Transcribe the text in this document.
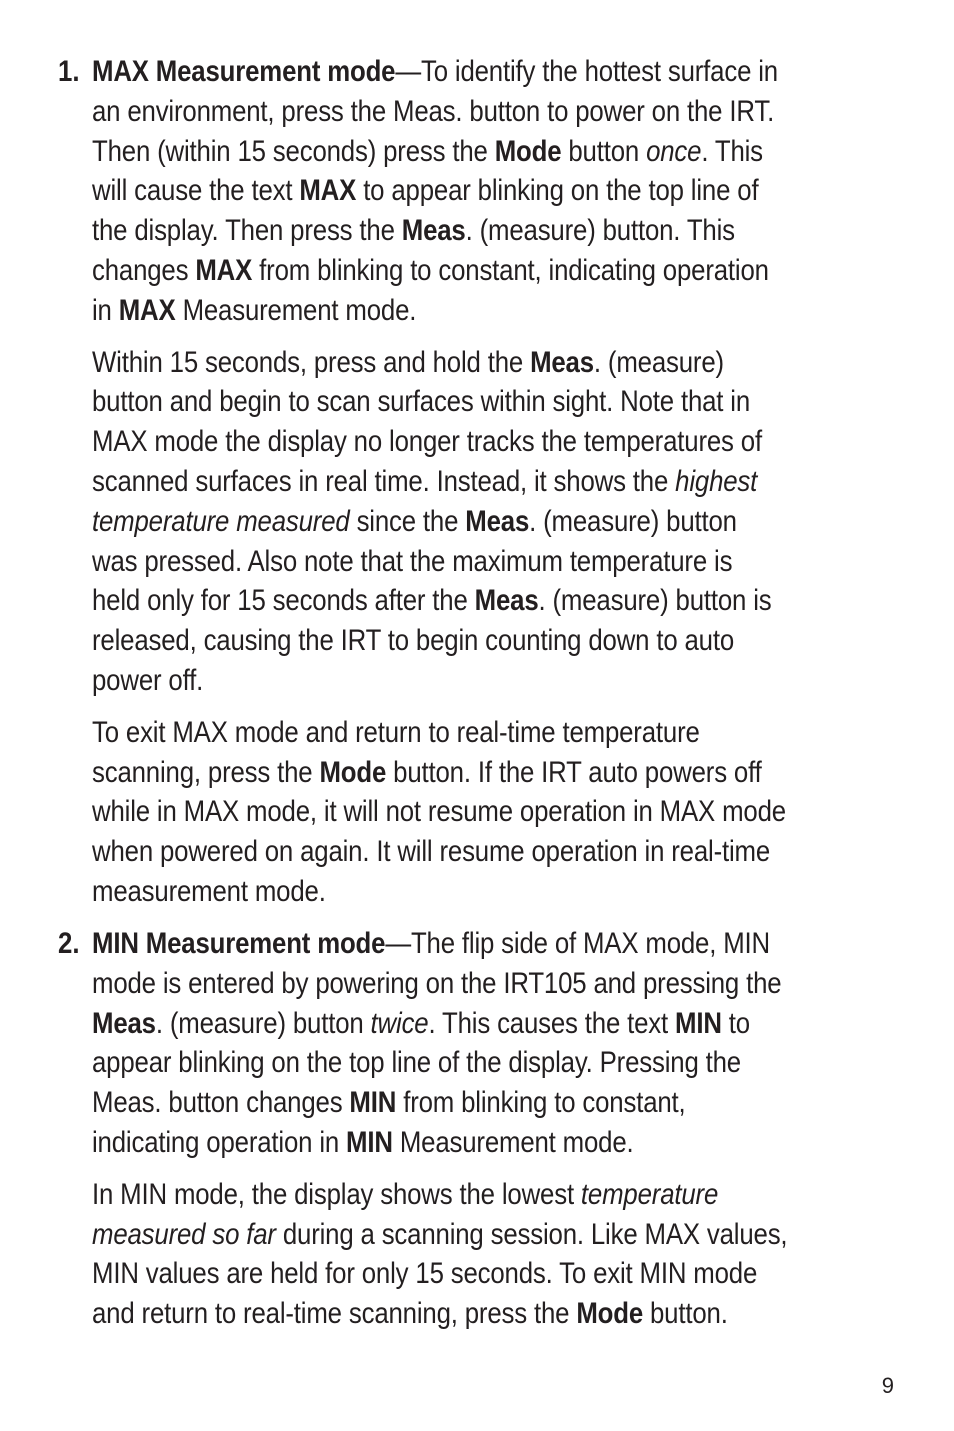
1. MAX Measurement mode—To identify the hottest surface in
an environment, press the Meas. button to power on the IRT.
Then (within 15 seconds) press the Mode button once. This
will cause the text MAX to appear blinking on the top line of
the display. Then press the Meas. (measure) button. This
changes MAX from blinking to constant, indicating operation
in MAX Measurement mode.

Within 15 seconds, press and hold the Meas. (measure)
button and begin to scan surfaces within sight. Note that in
MAX mode the display no longer tracks the temperatures of
scanned surfaces in real time. Instead, it shows the highest
temperature measured since the Meas. (measure) button
was pressed. Also note that the maximum temperature is
held only for 15 seconds after the Meas. (measure) button is
released, causing the IRT to begin counting down to auto
power off.

To exit MAX mode and return to real-time temperature
scanning, press the Mode button. If the IRT auto powers off
while in MAX mode, it will not resume operation in MAX mode
when powered on again. It will resume operation in real-time
measurement mode.

2. MIN Measurement mode—The flip side of MAX mode, MIN
mode is entered by powering on the IRT105 and pressing the
Meas. (measure) button twice. This causes the text MIN to
appear blinking on the top line of the display. Pressing the
Meas. button changes MIN from blinking to constant,
indicating operation in MIN Measurement mode.

In MIN mode, the display shows the lowest temperature
measured so far during a scanning session. Like MAX values,
MIN values are held for only 15 seconds. To exit MIN mode
and return to real-time scanning, press the Mode button.

9
